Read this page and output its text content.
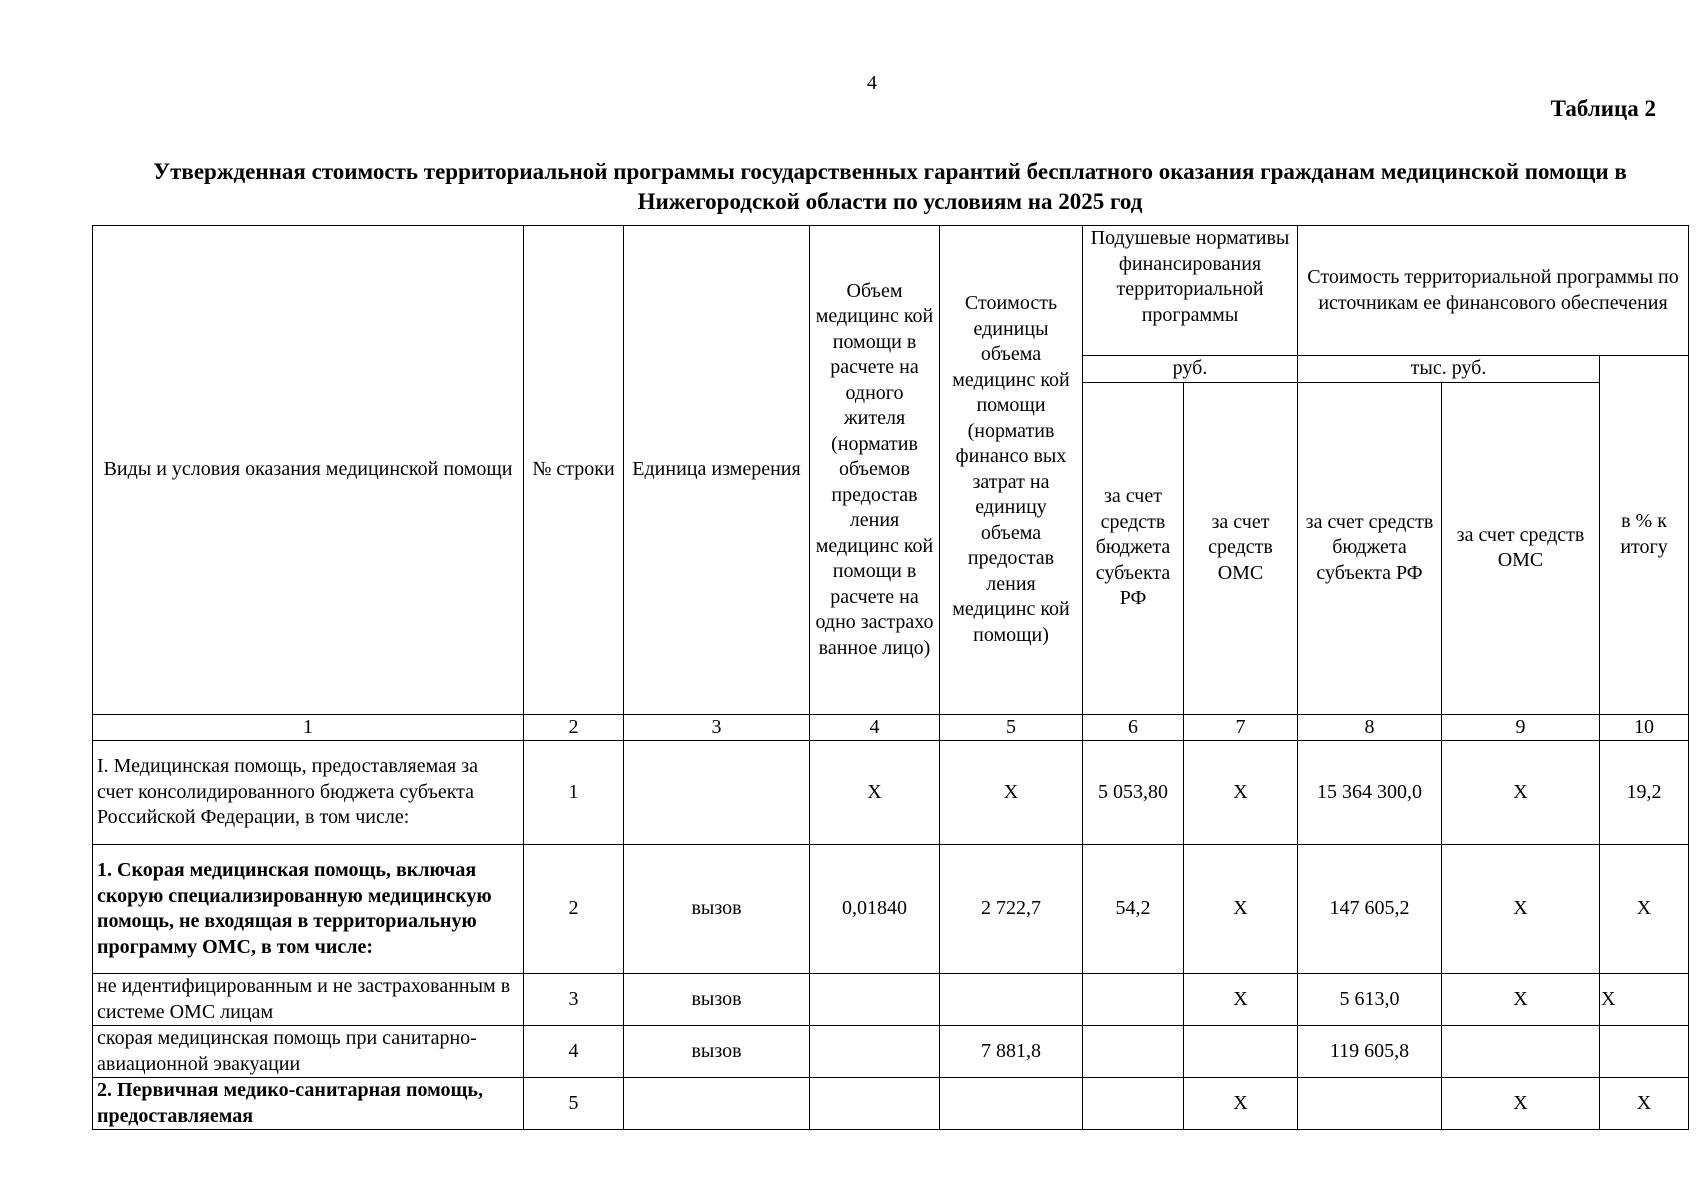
4
Таблица 2
Утвержденная стоимость территориальной программы государственных гарантий бесплатного оказания гражданам медицинской помощи в Нижегородской области по условиям на 2025 год
Виды и условия оказания медицинской помощи	№ строки	Единица измерения	Объем медицинс кой помощи в расчете на одного жителя (норматив объемов предостав ления медицинс кой помощи в расчете на одно застрахо ванное лицо)	Стоимость единицы объема медицинс кой помощи (норматив финансо вых затрат на единицу объема предостав ления медицинс кой помощи)	Подушевые нормативы финансирования территориальной программы		Стоимость территориальной программы по источникам ее финансового обеспечения		
					руб.		тыс. руб.		в % к итогу
					за счет средств бюджета субъекта РФ	за счет средств ОМС	за счет средств бюджета субъекта РФ	за счет средств ОМС	
1	2	3	4	5	6	7	8	9	10
I. Медицинская помощь, предоставляемая за счет консолидированного бюджета субъекта Российской Федерации, в том числе:	1		X	X	5 053,80	X	15 364 300,0	X	19,2
1. Скорая медицинская помощь, включая скорую специализированную медицинскую помощь, не входящая в территориальную программу ОМС, в том числе:	2	вызов	0,01840	2 722,7	54,2	X	147 605,2	X	X
не идентифицированным и не застрахованным в системе ОМС лицам	3	вызов				X	5 613,0	X	X
скорая медицинская помощь при санитарно-авиационной эвакуации	4	вызов		7 881,8			119 605,8		
2. Первичная медико-санитарная помощь, предоставляемая	5					X		X	X
